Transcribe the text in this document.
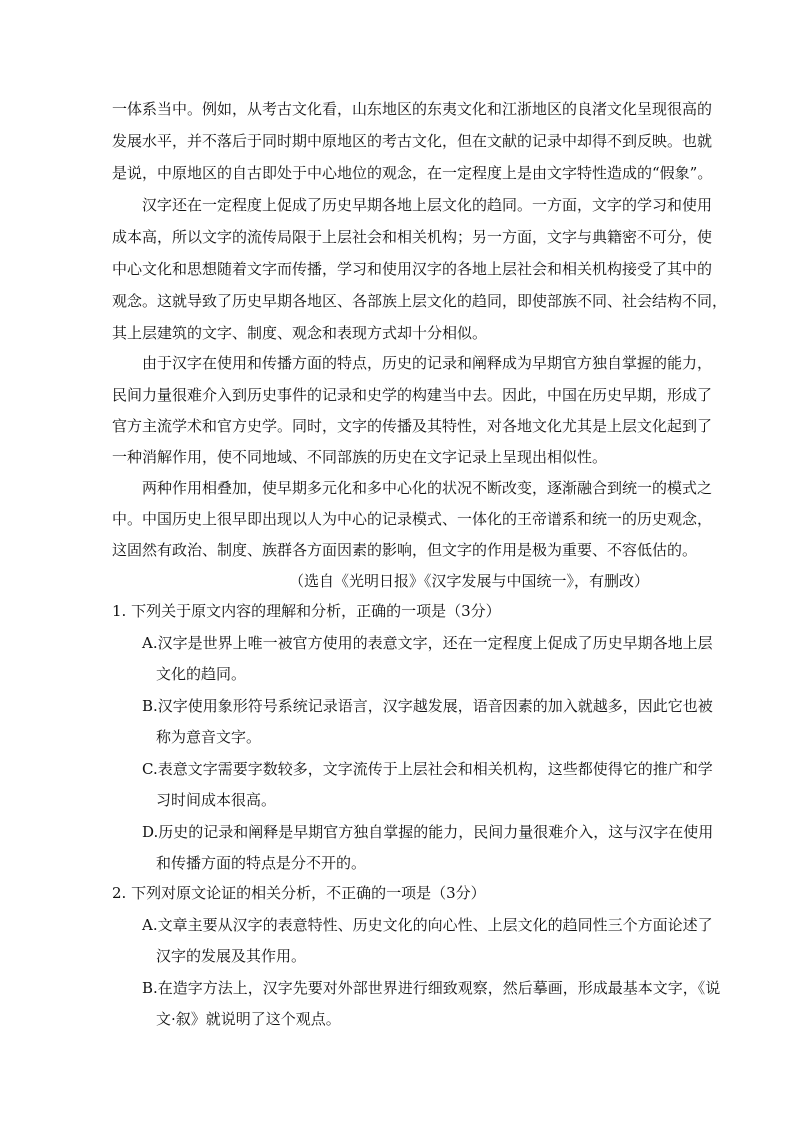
一体系当中。例如，从考古文化看，山东地区的东夷文化和江浙地区的良渚文化呈现很高的
发展水平，并不落后于同时期中原地区的考古文化，但在文献的记录中却得不到反映。也就
是说，中原地区的自古即处于中心地位的观念，在一定程度上是由文字特性造成的“假象”。
汉字还在一定程度上促成了历史早期各地上层文化的趋同。一方面，文字的学习和使用
成本高，所以文字的流传局限于上层社会和相关机构；另一方面，文字与典籍密不可分，使
中心文化和思想随着文字而传播，学习和使用汉字的各地上层社会和相关机构接受了其中的
观念。这就导致了历史早期各地区、各部族上层文化的趋同，即使部族不同、社会结构不同，
其上层建筑的文字、制度、观念和表现方式却十分相似。
由于汉字在使用和传播方面的特点，历史的记录和阐释成为早期官方独自掌握的能力，
民间力量很难介入到历史事件的记录和史学的构建当中去。因此，中国在历史早期，形成了
官方主流学术和官方史学。同时，文字的传播及其特性，对各地文化尤其是上层文化起到了
一种消解作用，使不同地域、不同部族的历史在文字记录上呈现出相似性。
两种作用相叠加，使早期多元化和多中心化的状况不断改变，逐渐融合到统一的模式之
中。中国历史上很早即出现以人为中心的记录模式、一体化的王帝谱系和统一的历史观念，
这固然有政治、制度、族群各方面因素的影响，但文字的作用是极为重要、不容低估的。
（选自《光明日报》《汉字发展与中国统一》，有删改）
1. 下列关于原文内容的理解和分析，正确的一项是（3分）
A.汉字是世界上唯一被官方使用的表意文字，还在一定程度上促成了历史早期各地上层
文化的趋同。
B.汉字使用象形符号系统记录语言，汉字越发展，语音因素的加入就越多，因此它也被
称为意音文字。
C.表意文字需要字数较多，文字流传于上层社会和相关机构，这些都使得它的推广和学
习时间成本很高。
D.历史的记录和阐释是早期官方独自掌握的能力，民间力量很难介入，这与汉字在使用
和传播方面的特点是分不开的。
2. 下列对原文论证的相关分析，不正确的一项是（3分）
A.文章主要从汉字的表意特性、历史文化的向心性、上层文化的趋同性三个方面论述了
汉字的发展及其作用。
B.在造字方法上，汉字先要对外部世界进行细致观察，然后摹画，形成最基本文字，《说
文·叙》就说明了这个观点。
